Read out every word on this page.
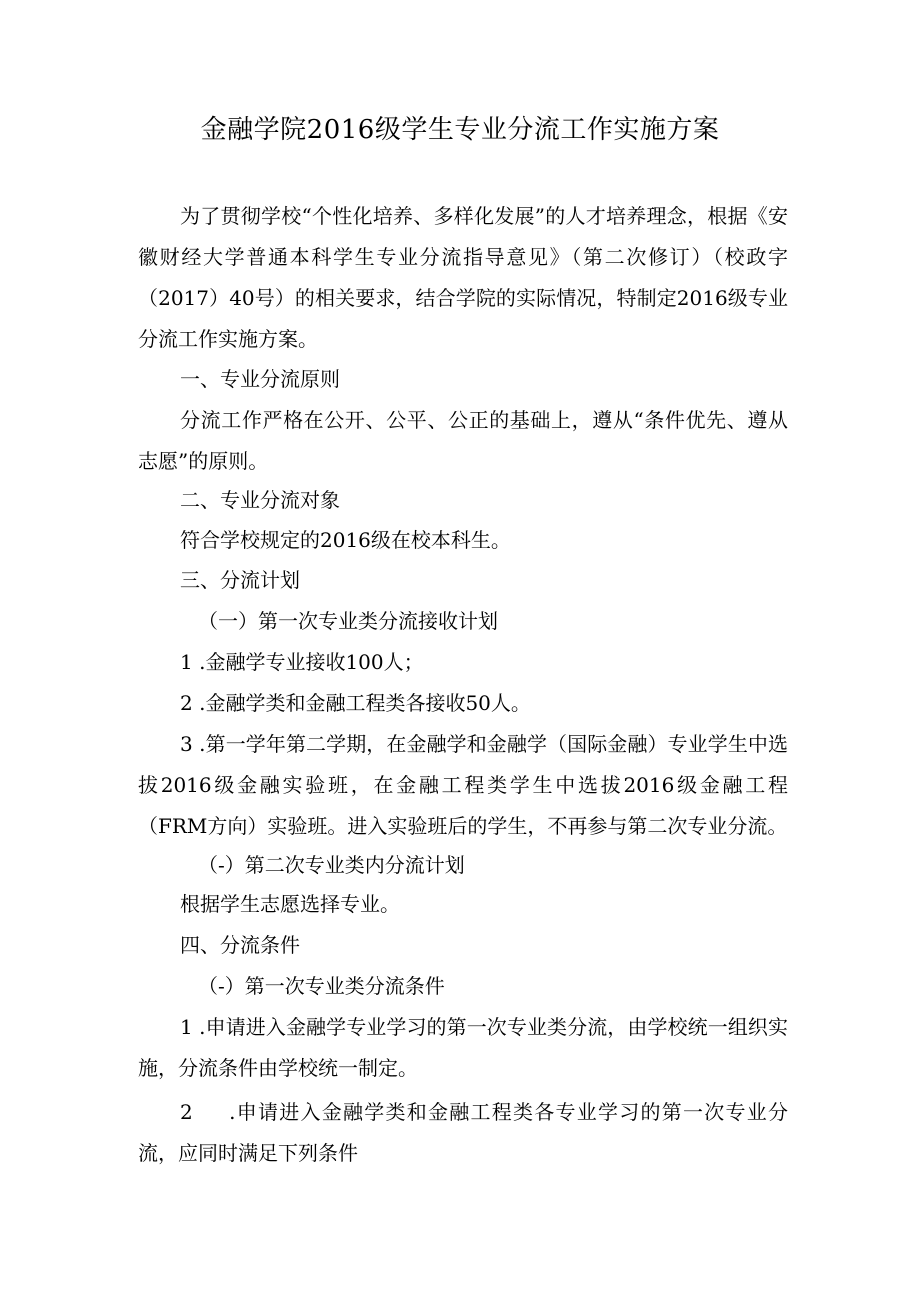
金融学院2016级学生专业分流工作实施方案

为了贯彻学校“个性化培养、多样化发展”的人才培养理念，根据《安徽财经大学普通本科学生专业分流指导意见》（第二次修订）（校政字（2017）40号）的相关要求，结合学院的实际情况，特制定2016级专业分流工作实施方案。

一、专业分流原则

分流工作严格在公开、公平、公正的基础上，遵从“条件优先、遵从志愿”的原则。

二、专业分流对象

符合学校规定的2016级在校本科生。

三、分流计划

（一）第一次专业类分流接收计划

1 .金融学专业接收100人；

2 .金融学类和金融工程类各接收50人。

3 .第一学年第二学期，在金融学和金融学（国际金融）专业学生中选拔2016级金融实验班，在金融工程类学生中选拔2016级金融工程（FRM方向）实验班。进入实验班后的学生，不再参与第二次专业分流。

（-）第二次专业类内分流计划

根据学生志愿选择专业。

四、分流条件

（-）第一次专业类分流条件

1 .申请进入金融学专业学习的第一次专业类分流，由学校统一组织实施，分流条件由学校统一制定。

2 　 .申请进入金融学类和金融工程类各专业学习的第一次专业分流，应同时满足下列条件
